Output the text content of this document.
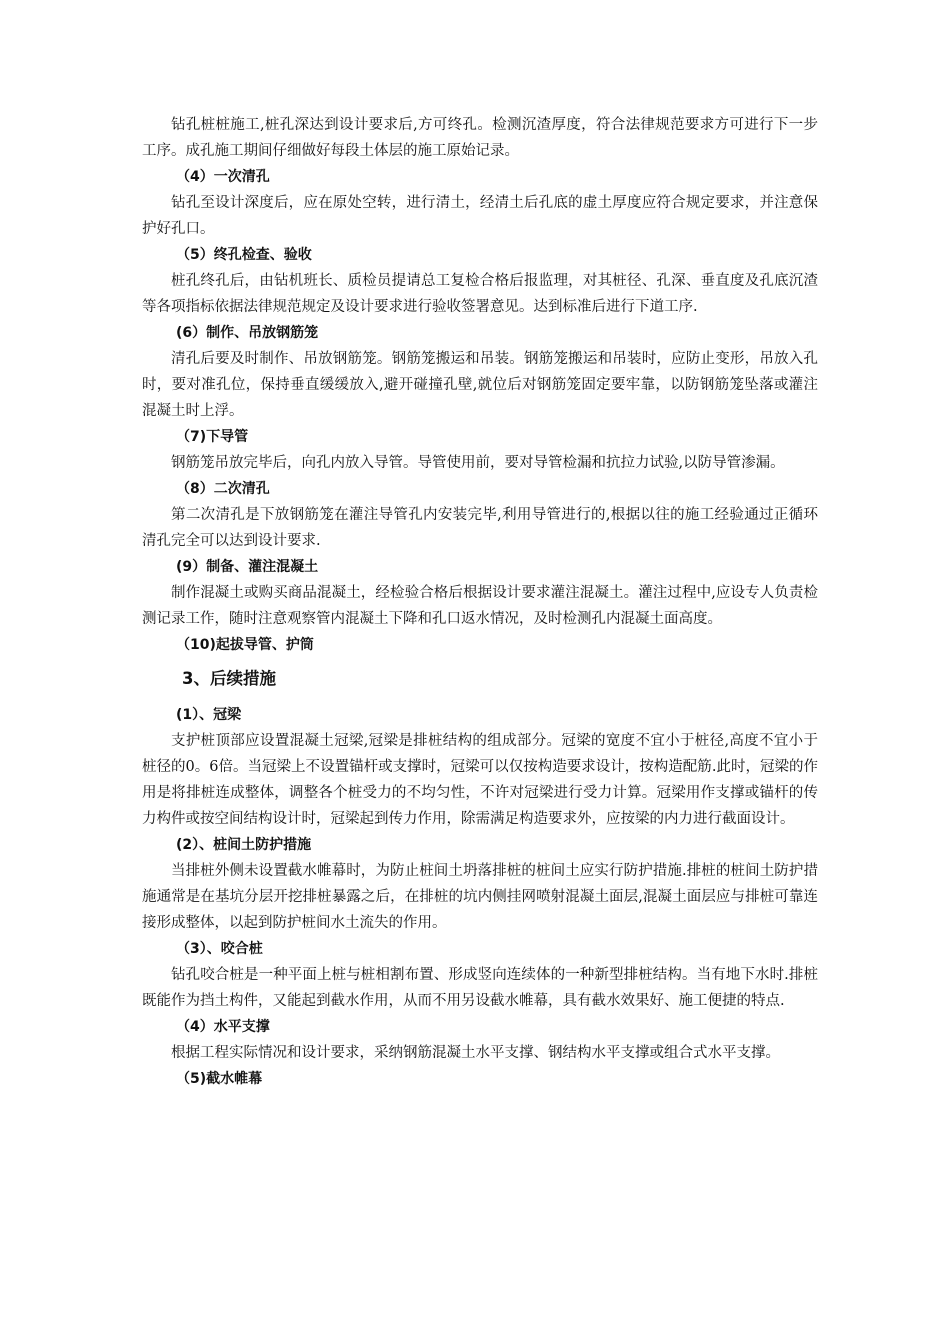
钻孔桩桩施工,桩孔深达到设计要求后,方可终孔。检测沉渣厚度，符合法律规范要求方可进行下一步工序。成孔施工期间仔细做好每段土体层的施工原始记录。

（4）一次清孔

钻孔至设计深度后，应在原处空转，进行清土，经清土后孔底的虚土厚度应符合规定要求，并注意保护好孔口。

（5）终孔检查、验收

桩孔终孔后，由钻机班长、质检员提请总工复检合格后报监理，对其桩径、孔深、垂直度及孔底沉渣等各项指标依据法律规范规定及设计要求进行验收签署意见。达到标准后进行下道工序.

(6）制作、吊放钢筋笼

清孔后要及时制作、吊放钢筋笼。钢筋笼搬运和吊装。钢筋笼搬运和吊装时，应防止变形，吊放入孔时，要对准孔位，保持垂直缓缓放入,避开碰撞孔壁,就位后对钢筋笼固定要牢靠，以防钢筋笼坠落或灌注混凝土时上浮。

（7)下导管

钢筋笼吊放完毕后，向孔内放入导管。导管使用前，要对导管检漏和抗拉力试验,以防导管渗漏。

（8）二次清孔

第二次清孔是下放钢筋笼在灌注导管孔内安装完毕,利用导管进行的,根据以往的施工经验通过正循环清孔完全可以达到设计要求.

(9）制备、灌注混凝土

制作混凝土或购买商品混凝土，经检验合格后根据设计要求灌注混凝土。灌注过程中,应设专人负责检测记录工作，随时注意观察管内混凝土下降和孔口返水情况，及时检测孔内混凝土面高度。

（10)起拔导管、护筒

3、后续措施

(1）、冠梁

支护桩顶部应设置混凝土冠梁,冠梁是排桩结构的组成部分。冠梁的宽度不宜小于桩径,高度不宜小于桩径的0。6倍。当冠梁上不设置锚杆或支撑时，冠梁可以仅按构造要求设计，按构造配筋.此时，冠梁的作用是将排桩连成整体，调整各个桩受力的不均匀性，不许对冠梁进行受力计算。冠梁用作支撑或锚杆的传力构件或按空间结构设计时，冠梁起到传力作用，除需满足构造要求外，应按梁的内力进行截面设计。

(2）、桩间土防护措施

当排桩外侧未设置截水帷幕时，为防止桩间土坍落排桩的桩间土应实行防护措施.排桩的桩间土防护措施通常是在基坑分层开挖排桩暴露之后，在排桩的坑内侧挂网喷射混凝土面层,混凝土面层应与排桩可靠连接形成整体，以起到防护桩间水土流失的作用。

（3）、咬合桩

钻孔咬合桩是一种平面上桩与桩相割布置、形成竖向连续体的一种新型排桩结构。当有地下水时.排桩既能作为挡土构件，又能起到截水作用，从而不用另设截水帷幕，具有截水效果好、施工便捷的特点.

（4）水平支撑

根据工程实际情况和设计要求，采纳钢筋混凝土水平支撑、钢结构水平支撑或组合式水平支撑。

（5)截水帷幕
